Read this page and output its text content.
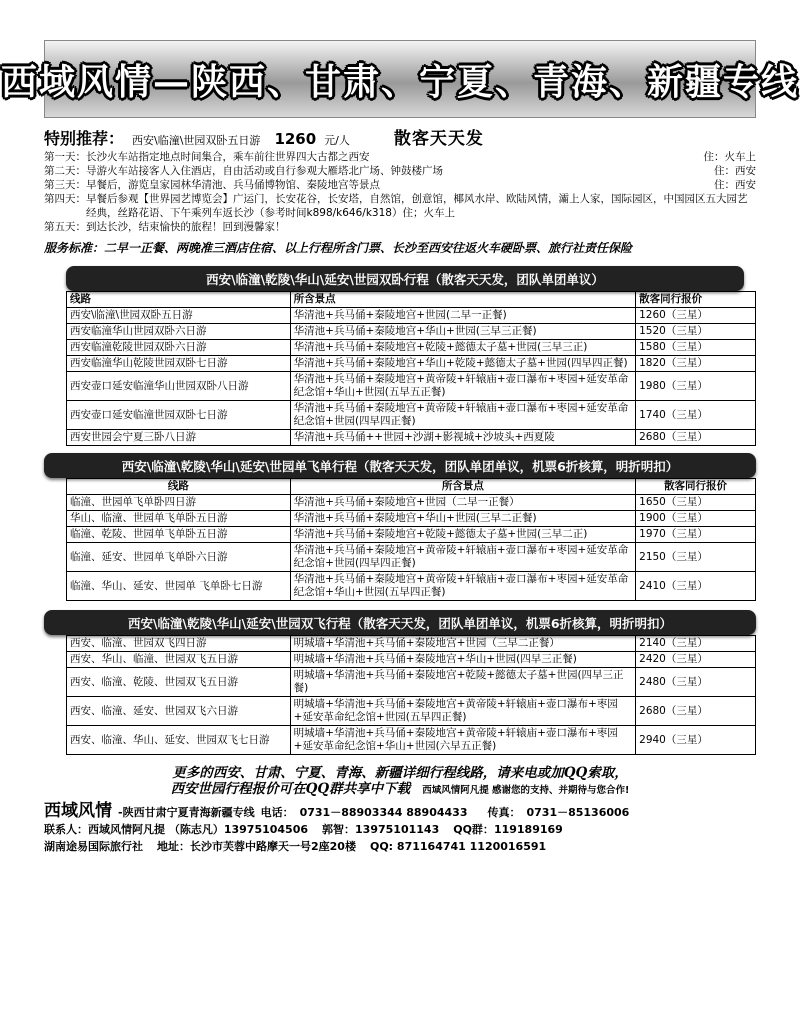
西域风情—陕西、甘肃、宁夏、青海、新疆专线
特别推荐： 西安\临潼\世园双卧五日游 1260 元/人	散客天天发
第一天： 长沙火车站指定地点时间集合，乘车前往世界四大古都之西安	住：火车上
第二天： 导游火车站接客人入住酒店，自由活动或自行参观大雁塔北广场、钟鼓楼广场	住：西安
第三天： 早餐后，游览皇家园林华清池、兵马俑博物馆、秦陵地宫等景点	住：西安
第四天： 早餐后参观【世界园艺博览会】广运门，长安花谷，长安塔，自然馆，创意馆，椰风水岸、欧陆风情，灞上人家，国际园区，中国园区五大园艺经典，丝路花语、下午乘列车返长沙（参考时间k898/k646/k318）住；火车上
第五天： 到达长沙，结束愉快的旅程！回到漫馨家！
服务标准：二早一正餐、两晚准三酒店住宿、以上行程所含门票、长沙至西安往返火车硬卧票、旅行社责任保险
西安\临潼\乾陵\华山\延安\世园双卧行程（散客天天发，团队单团单议）
线路	所含景点	散客同行报价
西安\临潼\世园双卧五日游	华清池+兵马俑+秦陵地宫+世园(二早一正餐)	1260（三星）
西安临潼华山世园双卧六日游	华清池+兵马俑+秦陵地宫+华山+世园(三早三正餐)	1520（三星）
西安临潼乾陵世园双卧六日游	华清池+兵马俑+秦陵地宫+乾陵+懿德太子墓+世园(三早三正)	1580（三星）
西安临潼华山乾陵世园双卧七日游	华清池+兵马俑+秦陵地宫+华山+乾陵+懿德太子墓+世园(四早四正餐)	1820（三星）
西安壶口延安临潼华山世园双卧八日游	华清池+兵马俑+秦陵地宫+黄帝陵+轩辕庙+壶口瀑布+枣园+延安革命纪念馆+华山+世园(五早五正餐)	1980（三星）
西安壶口延安临潼世园双卧七日游	华清池+兵马俑+秦陵地宫+黄帝陵+轩辕庙+壶口瀑布+枣园+延安革命纪念馆+世园(四早四正餐)	1740（三星）
西安世园会宁夏三卧八日游	华清池+兵马俑++世园+沙湖+影视城+沙坡头+西夏陵	2680（三星）
西安\临潼\乾陵\华山\延安\世园单飞单行程（散客天天发，团队单团单议，机票6折核算，明折明扣）
线路	所含景点	散客同行报价
临潼、世园单飞单卧四日游	华清池+兵马俑+秦陵地宫+世园（二早一正餐）	1650（三星）
华山、临潼、世园单飞单卧五日游	华清池+兵马俑+秦陵地宫+华山+世园(三早二正餐)	1900（三星）
临潼、乾陵、世园单飞单卧五日游	华清池+兵马俑+秦陵地宫+乾陵+懿德太子墓+世园(三早二正)	1970（三星）
临潼、延安、世园单飞单卧六日游	华清池+兵马俑+秦陵地宫+黄帝陵+轩辕庙+壶口瀑布+枣园+延安革命纪念馆+世园(四早四正餐)	2150（三星）
临潼、华山、延安、世园单 飞单卧七日游	华清池+兵马俑+秦陵地宫+黄帝陵+轩辕庙+壶口瀑布+枣园+延安革命纪念馆+华山+世园(五早四正餐)	2410（三星）
西安\临潼\乾陵\华山\延安\世园双飞行程（散客天天发，团队单团单议，机票6折核算，明折明扣）
西安、临潼、世园双飞四日游	明城墙+华清池+兵马俑+秦陵地宫+世园（三早二正餐）	2140（三星）
西安、华山、临潼、世园双飞五日游	明城墙+华清池+兵马俑+秦陵地宫+华山+世园(四早三正餐)	2420（三星）
西安、临潼、乾陵、世园双飞五日游	明城墙+华清池+兵马俑+秦陵地宫+乾陵+懿德太子墓+世园(四早三正餐)	2480（三星）
西安、临潼、延安、世园双飞六日游	明城墙+华清池+兵马俑+秦陵地宫+黄帝陵+轩辕庙+壶口瀑布+枣园+延安革命纪念馆+世园(五早四正餐)	2680（三星）
西安、临潼、华山、延安、世园双飞七日游	明城墙+华清池+兵马俑+秦陵地宫+黄帝陵+轩辕庙+壶口瀑布+枣园+延安革命纪念馆+华山+世园(六早五正餐)	2940（三星）
更多的西安、甘肃、宁夏、青海、新疆详细行程线路，请来电或加QQ索取，
西安世园行程报价可在QQ群共享中下载 西域风情阿凡提 感谢您的支持、并期待与您合作!
西域风情 -陕西甘肃宁夏青海新疆专线 电话： 0731－88903344 88904433 传真： 0731－85136006
联系人：西域风情阿凡提 （陈志凡）13975104506 郭智：13975101143 QQ群：119189169
湖南途易国际旅行社 地址：长沙市芙蓉中路摩天一号2座20楼 QQ: 871164741 1120016591
